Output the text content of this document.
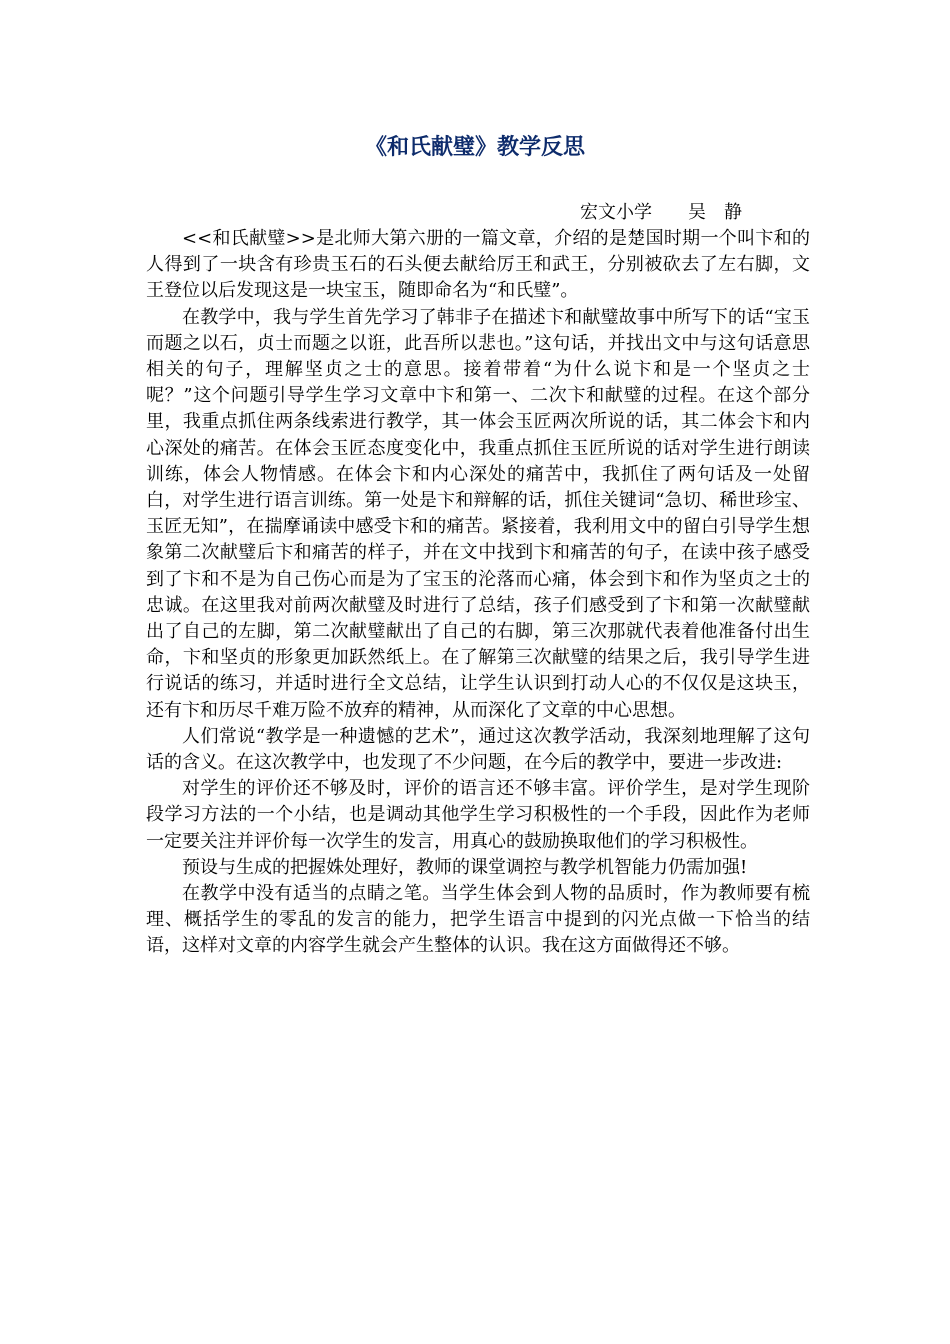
《和氏献璧》教学反思
宏文小学　　吴　静

<<和氏献璧>>是北师大第六册的一篇文章，介绍的是楚国时期一个叫卞和的人得到了一块含有珍贵玉石的石头便去献给厉王和武王，分别被砍去了左右脚，文王登位以后发现这是一块宝玉，随即命名为“和氏璧”。

在教学中，我与学生首先学习了韩非子在描述卞和献璧故事中所写下的话“宝玉而题之以石，贞士而题之以诳，此吾所以悲也。”这句话，并找出文中与这句话意思相关的句子，理解坚贞之士的意思。接着带着“为什么说卞和是一个坚贞之士呢？”这个问题引导学生学习文章中卞和第一、二次卞和献璧的过程。在这个部分里，我重点抓住两条线索进行教学，其一体会玉匠两次所说的话，其二体会卞和内心深处的痛苦。在体会玉匠态度变化中，我重点抓住玉匠所说的话对学生进行朗读训练，体会人物情感。在体会卞和内心深处的痛苦中，我抓住了两句话及一处留白，对学生进行语言训练。第一处是卞和辩解的话，抓住关键词“急切、稀世珍宝、玉匠无知”，在揣摩诵读中感受卞和的痛苦。紧接着，我利用文中的留白引导学生想象第二次献璧后卞和痛苦的样子，并在文中找到卞和痛苦的句子，在读中孩子感受到了卞和不是为自己伤心而是为了宝玉的沦落而心痛，体会到卞和作为坚贞之士的忠诚。在这里我对前两次献璧及时进行了总结，孩子们感受到了卞和第一次献璧献出了自己的左脚，第二次献璧献出了自己的右脚，第三次那就代表着他准备付出生命，卞和坚贞的形象更加跃然纸上。在了解第三次献璧的结果之后，我引导学生进行说话的练习，并适时进行全文总结，让学生认识到打动人心的不仅仅是这块玉，还有卞和历尽千难万险不放弃的精神，从而深化了文章的中心思想。

人们常说“教学是一种遗憾的艺术”，通过这次教学活动，我深刻地理解了这句话的含义。在这次教学中，也发现了不少问题，在今后的教学中，要进一步改进:

对学生的评价还不够及时，评价的语言还不够丰富。评价学生，是对学生现阶段学习方法的一个小结，也是调动其他学生学习积极性的一个手段，因此作为老师一定要关注并评价每一次学生的发言，用真心的鼓励换取他们的学习积极性。

预设与生成的把握姝处理好，教师的课堂调控与教学机智能力仍需加强!

在教学中没有适当的点睛之笔。当学生体会到人物的品质时，作为教师要有梳理、概括学生的零乱的发言的能力，把学生语言中提到的闪光点做一下恰当的结语，这样对文章的内容学生就会产生整体的认识。我在这方面做得还不够。
